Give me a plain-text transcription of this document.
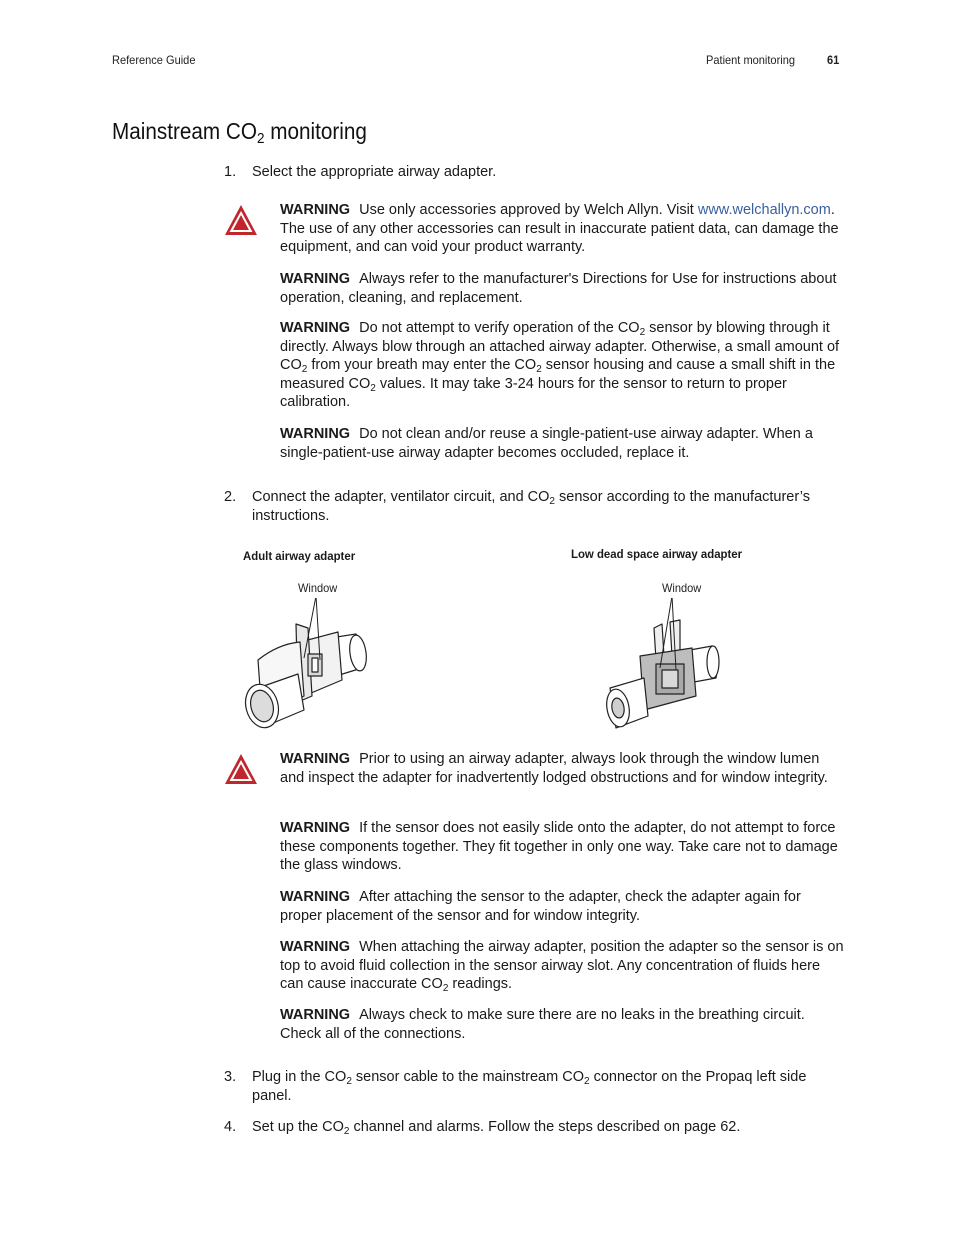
Reference Guide	Patient monitoring	61
Mainstream $CO_2$ monitoring
1. Select the appropriate airway adapter.
WARNING Use only accessories approved by Welch Allyn. Visit www.welchallyn.com. The use of any other accessories can result in inaccurate patient data, can damage the equipment, and can void your product warranty.
WARNING Always refer to the manufacturer's Directions for Use for instructions about operation, cleaning, and replacement.
WARNING Do not attempt to verify operation of the $CO_2$ sensor by blowing through it directly. Always blow through an attached airway adapter. Otherwise, a small amount of $CO_2$ from your breath may enter the $CO_2$ sensor housing and cause a small shift in the measured $CO_2$ values. It may take 3-24 hours for the sensor to return to proper calibration.
WARNING Do not clean and/or reuse a single-patient-use airway adapter. When a single-patient-use airway adapter becomes occluded, replace it.
2. Connect the adapter, ventilator circuit, and $CO_2$ sensor according to the manufacturer’s instructions.
Adult airway adapter	Low dead space airway adapter
Window	Window
WARNING Prior to using an airway adapter, always look through the window lumen and inspect the adapter for inadvertently lodged obstructions and for window integrity.
WARNING If the sensor does not easily slide onto the adapter, do not attempt to force these components together. They fit together in only one way. Take care not to damage the glass windows.
WARNING After attaching the sensor to the adapter, check the adapter again for proper placement of the sensor and for window integrity.
WARNING When attaching the airway adapter, position the adapter so the sensor is on top to avoid fluid collection in the sensor airway slot. Any concentration of fluids here can cause inaccurate $CO_2$ readings.
WARNING Always check to make sure there are no leaks in the breathing circuit. Check all of the connections.
3. Plug in the $CO_2$ sensor cable to the mainstream $CO_2$ connector on the Propaq left side panel.
4. Set up the $CO_2$ channel and alarms. Follow the steps described on page 62.
